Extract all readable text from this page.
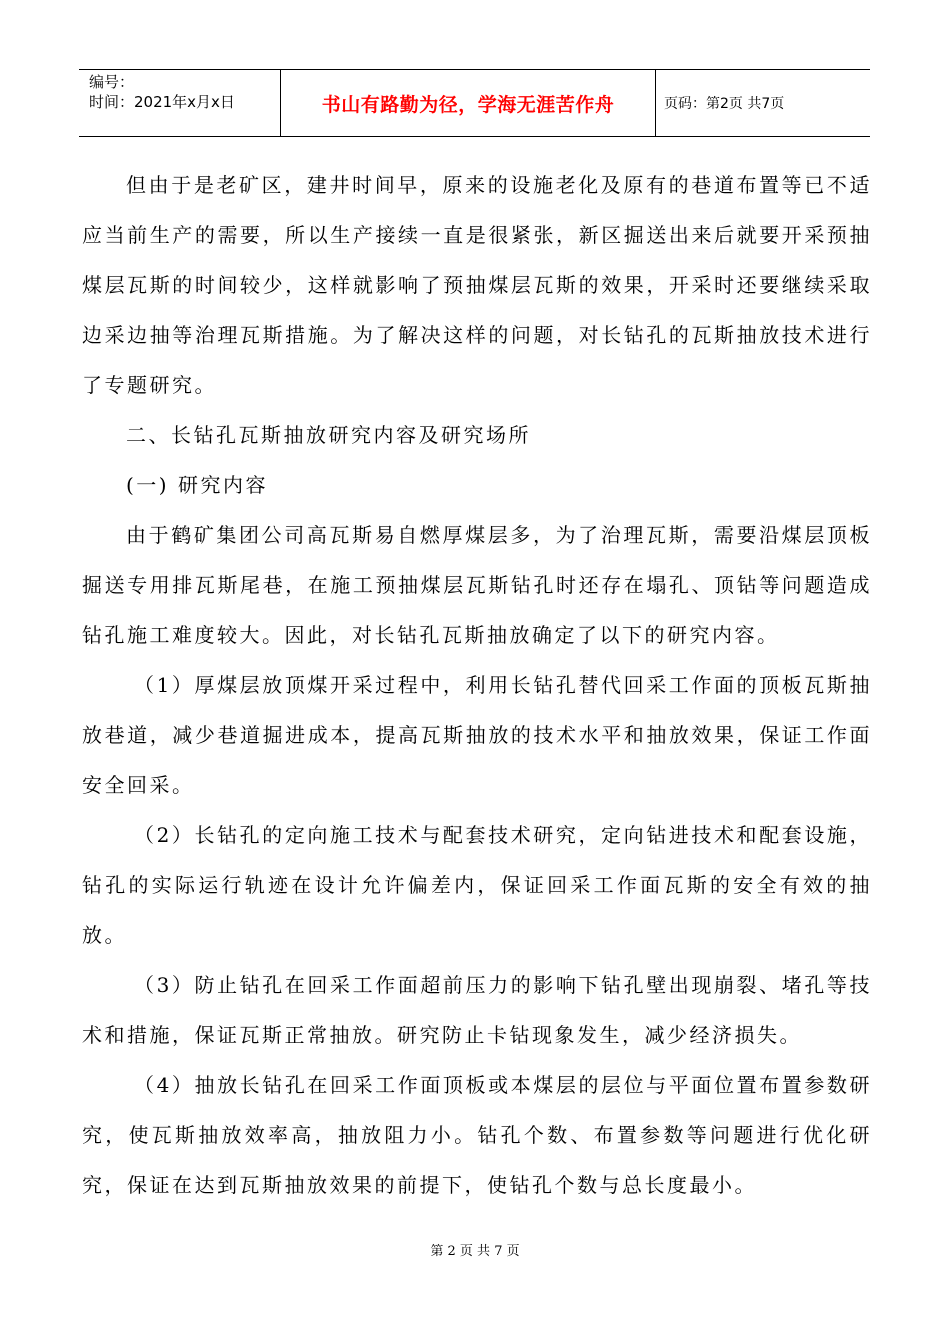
编号：
时间：2021年x月x日	书山有路勤为径，学海无涯苦作舟	页码：第2页 共7页

但由于是老矿区，建井时间早，原来的设施老化及原有的巷道布置等已不适应当前生产的需要，所以生产接续一直是很紧张，新区掘送出来后就要开采预抽煤层瓦斯的时间较少，这样就影响了预抽煤层瓦斯的效果，开采时还要继续采取边采边抽等治理瓦斯措施。为了解决这样的问题，对长钻孔的瓦斯抽放技术进行了专题研究。

二、长钻孔瓦斯抽放研究内容及研究场所

(一) 研究内容

由于鹤矿集团公司高瓦斯易自燃厚煤层多，为了治理瓦斯，需要沿煤层顶板掘送专用排瓦斯尾巷，在施工预抽煤层瓦斯钻孔时还存在塌孔、顶钻等问题造成钻孔施工难度较大。因此，对长钻孔瓦斯抽放确定了以下的研究内容。

（1）厚煤层放顶煤开采过程中，利用长钻孔替代回采工作面的顶板瓦斯抽放巷道，减少巷道掘进成本，提高瓦斯抽放的技术水平和抽放效果，保证工作面安全回采。

（2）长钻孔的定向施工技术与配套技术研究，定向钻进技术和配套设施，钻孔的实际运行轨迹在设计允许偏差内，保证回采工作面瓦斯的安全有效的抽放。

（3）防止钻孔在回采工作面超前压力的影响下钻孔壁出现崩裂、堵孔等技术和措施，保证瓦斯正常抽放。研究防止卡钻现象发生，减少经济损失。

（4）抽放长钻孔在回采工作面顶板或本煤层的层位与平面位置布置参数研究，使瓦斯抽放效率高，抽放阻力小。钻孔个数、布置参数等问题进行优化研究，保证在达到瓦斯抽放效果的前提下，使钻孔个数与总长度最小。

第 2 页 共 7 页
